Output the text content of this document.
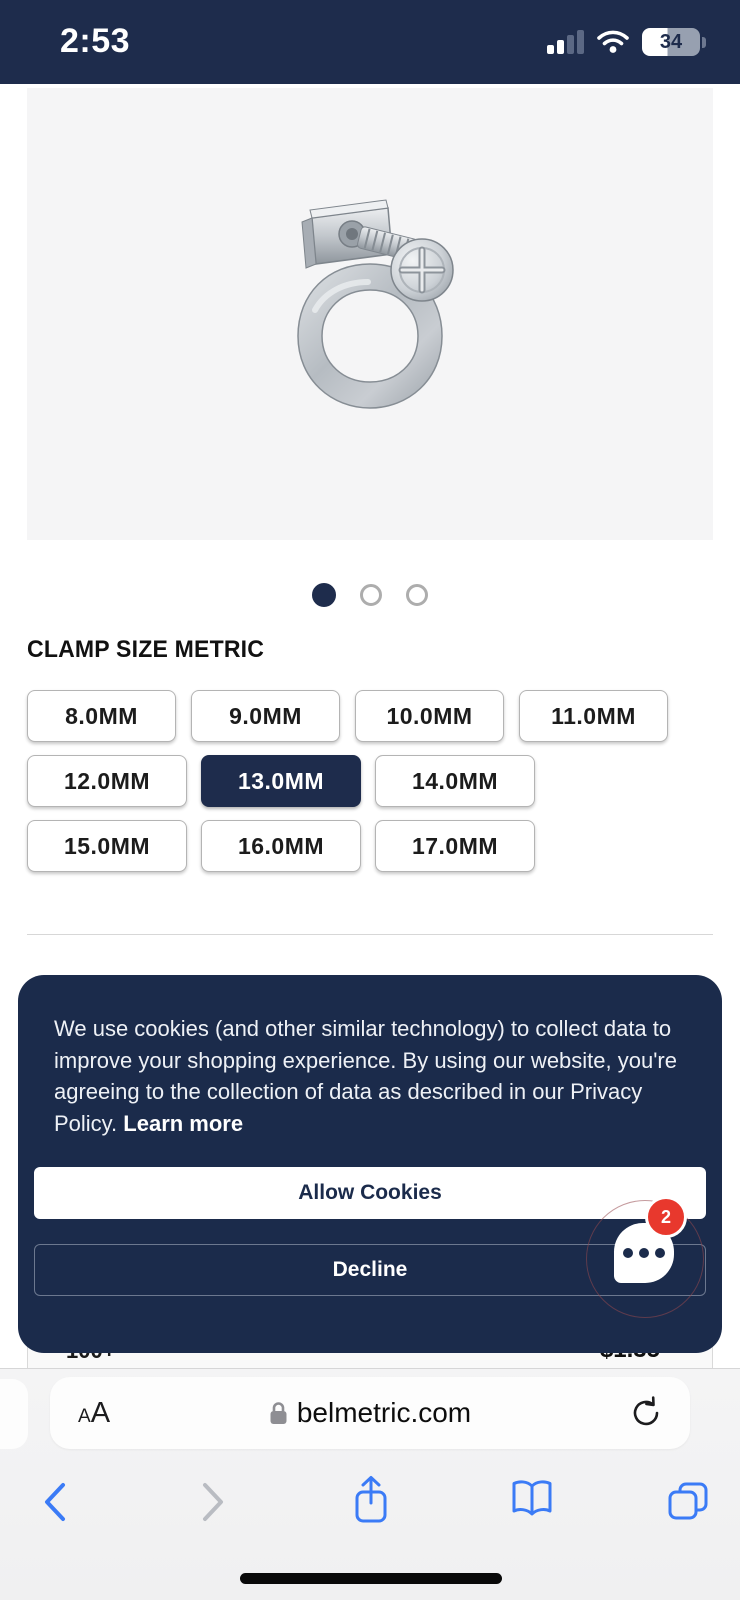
2:53	34
CLAMP SIZE METRIC
8.0MM	9.0MM	10.0MM	11.0MM
12.0MM	13.0MM	14.0MM
15.0MM	16.0MM	17.0MM
We use cookies (and other similar technology) to collect data to improve your shopping experience. By using our website, you're agreeing to the collection of data as described in our Privacy Policy. Learn more
Allow Cookies
Decline
2
A A	belmetric.com
